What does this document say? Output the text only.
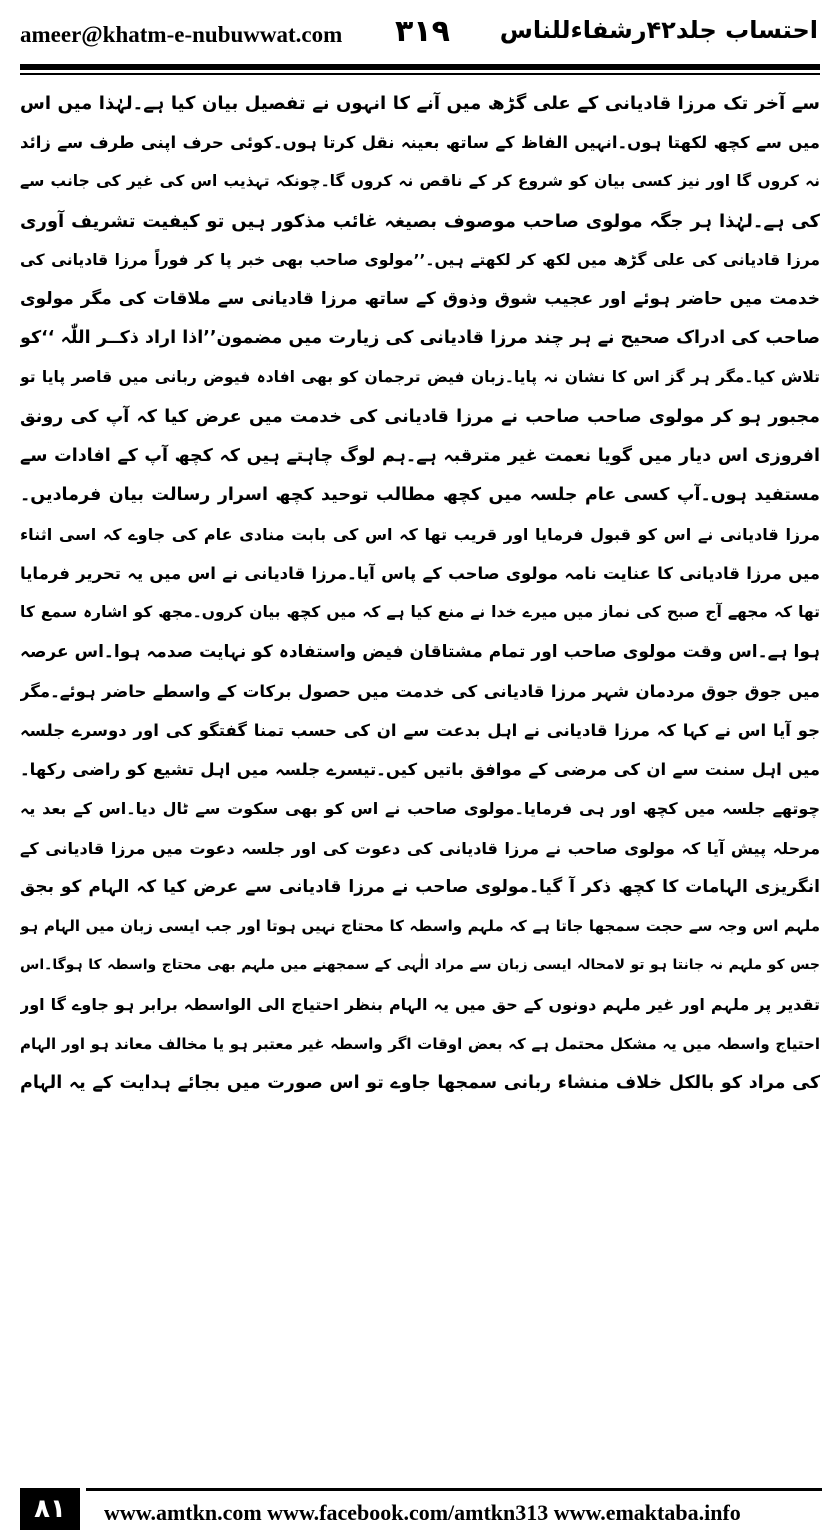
ameer@khatm-e-nubuwwat.com ٣١٩ احتساب جلد۴۲رشفاءللناس
سے آخر تک مرزا قادیانی کے علی گڑھ میں آنے کا انہوں نے تفصیل بیان کیا ہے۔لہٰذا میں اس
میں سے کچھ لکھتا ہوں۔انہیں الفاظ کے ساتھ بعینہ نقل کرتا ہوں۔کوئی حرف اپنی طرف سے زائد
نہ کروں گا اور نیز کسی بیان کو شروع کر کے ناقص نہ کروں گا۔چونکہ تہذیب اس کی غیر کی جانب سے
کی ہے۔لہٰذا ہر جگہ مولوی صاحب موصوف بصیغہ غائب مذکور ہیں تو کیفیت تشریف آوری
مرزا قادیانی کی علی گڑھ میں لکھ کر لکھتے ہیں۔’’مولوی صاحب بھی خبر پا کر فوراً مرزا قادیانی کی
خدمت میں حاضر ہوئے اور عجیب شوق وذوق کے ساتھ مرزا قادیانی سے ملاقات کی مگر مولوی
صاحب کی ادراک صحیح نے ہر چند مرزا قادیانی کی زیارت میں مضمون’’اذا اراد ذکــر اللّٰہ ‘‘کو
تلاش کیا۔مگر ہر گز اس کا نشان نہ پایا۔زبان فیض ترجمان کو بھی افادہ فیوض ربانی میں قاصر پایا تو
مجبور ہو کر مولوی صاحب صاحب نے مرزا قادیانی کی خدمت میں عرض کیا کہ آپ کی رونق
افروزی اس دیار میں گویا نعمت غیر مترقبہ ہے۔ہم لوگ چاہتے ہیں کہ کچھ آپ کے افادات سے
مستفید ہوں۔آپ کسی عام جلسہ میں کچھ مطالب توحید کچھ اسرار رسالت بیان فرمادیں۔
مرزا قادیانی نے اس کو قبول فرمایا اور قریب تھا کہ اس کی بابت منادی عام کی جاوے کہ اسی اثناء
میں مرزا قادیانی کا عنایت نامہ مولوی صاحب کے پاس آیا۔مرزا قادیانی نے اس میں یہ تحریر فرمایا
تھا کہ مجھے آج صبح کی نماز میں میرے خدا نے منع کیا ہے کہ میں کچھ بیان کروں۔مجھ کو اشارہ سمع کا
ہوا ہے۔اس وقت مولوی صاحب اور تمام مشتاقان فیض واستفادہ کو نہایت صدمہ ہوا۔اس عرصہ
میں جوق جوق مردمان شہر مرزا قادیانی کی خدمت میں حصول برکات کے واسطے حاضر ہوئے۔مگر
جو آیا اس نے کہا کہ مرزا قادیانی نے اہل بدعت سے ان کی حسب تمنا گفتگو کی اور دوسرے جلسہ
میں اہل سنت سے ان کی مرضی کے موافق باتیں کیں۔تیسرے جلسہ میں اہل تشیع کو راضی رکھا۔
چوتھے جلسہ میں کچھ اور ہی فرمایا۔مولوی صاحب نے اس کو بھی سکوت سے ٹال دیا۔اس کے بعد یہ
مرحلہ پیش آیا کہ مولوی صاحب نے مرزا قادیانی کی دعوت کی اور جلسہ دعوت میں مرزا قادیانی کے
انگریزی الہامات کا کچھ ذکر آ گیا۔مولوی صاحب نے مرزا قادیانی سے عرض کیا کہ الہام کو بجق
ملہم اس وجہ سے حجت سمجھا جاتا ہے کہ ملہم واسطہ کا محتاج نہیں ہوتا اور جب ایسی زبان میں الہام ہو
جس کو ملہم نہ جانتا ہو تو لامحالہ ایسی زبان سے مراد الٰہی کے سمجھنے میں ملہم بھی محتاج واسطہ کا ہوگا۔اس
تقدیر پر ملہم اور غیر ملہم دونوں کے حق میں یہ الہام بنظر احتیاج الی الواسطہ برابر ہو جاوے گا اور
احتیاج واسطہ میں یہ مشکل محتمل ہے کہ بعض اوقات اگر واسطہ غیر معتبر ہو یا مخالف معاند ہو اور الہام
کی مراد کو بالکل خلاف منشاء ربانی سمجھا جاوے تو اس صورت میں بجائے ہدایت کے یہ الہام
٨١	www.amtkn.com www.facebook.com/amtkn313 www.emaktaba.info
